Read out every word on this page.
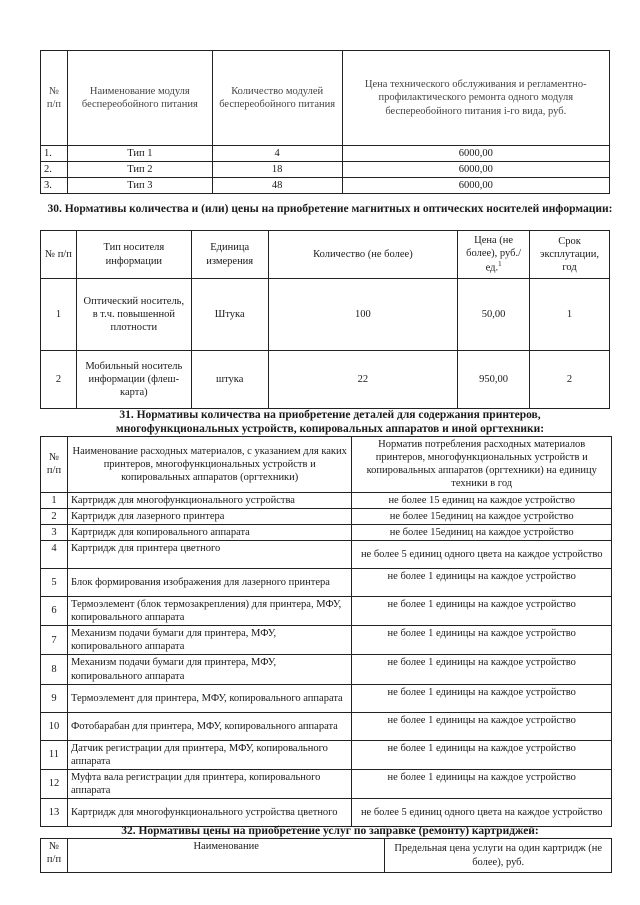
№ п/п	Наименование модуля беспереобойного питания	Количество модулей беспереобойного питания	Цена технического обслуживания и регламентно-профилактического ремонта одного модуля беспереобойного питания i-го вида, руб.
1.	Тип 1	4	6000,00
2.	Тип 2	18	6000,00
3.	Тип 3	48	6000,00
30. Нормативы количества и (или) цены на приобретение магнитных и оптических носителей информации:
№ п/п	Тип носителя информации	Единица измерения	Количество (не более)	Цена (не более), руб./ед.$^1$	Срок эксплутации, год
1	Оптический носитель, в т.ч. повышенной плотности	Штука	100	50,00	1
2	Мобильный носитель информации (флеш-карта)	штука	22	950,00	2
31. Нормативы количества на приобретение деталей для содержания принтеров, многофункциональных устройств, копировальных аппаратов и иной оргтехники:
№ п/п	Наименование расходных материалов, с указанием для каких принтеров, многофункциональных устройств и копировальных аппаратов (оргтехники)	Норматив потребления расходных материалов принтеров, многофункциональных устройств и копировальных аппаратов (оргтехники) на единицу техники в год
1	Картридж для многофункционального устройства	не более 15 единиц на каждое устройство
2	Картридж для лазерного принтера	не более 15единиц на каждое устройство
3	Картридж для копировального аппарата	не более 15единиц на каждое устройство
4	Картридж для принтера цветного	не более 5 единиц одного цвета на каждое устройство
5	Блок формирования изображения для лазерного принтера	не более 1 единицы на каждое устройство
6	Термоэлемент (блок термозакрепления) для принтера, МФУ, копировального аппарата	не более 1 единицы на каждое устройство
7	Механизм подачи бумаги для принтера, МФУ, копировального аппарата	не более 1 единицы на каждое устройство
8	Механизм подачи бумаги для принтера, МФУ, копировального аппарата	не более 1 единицы на каждое устройство
9	Термоэлемент для принтера, МФУ, копировального аппарата	не более 1 единицы на каждое устройство
10	Фотобарабан для принтера, МФУ, копировального аппарата	не более 1 единицы на каждое устройство
11	Датчик регистрации для принтера, МФУ, копировального аппарата	не более 1 единицы на каждое устройство
12	Муфта вала регистрации для принтера, копировального аппарата	не более 1 единицы на каждое устройство
13	Картридж для многофункционального устройства цветного	не более 5 единиц одного цвета на каждое устройство
32. Нормативы цены на приобретение услуг по заправке (ремонту) картриджей:
№ п/п	Наименование	Предельная цена услуги на один картридж (не более), руб.
